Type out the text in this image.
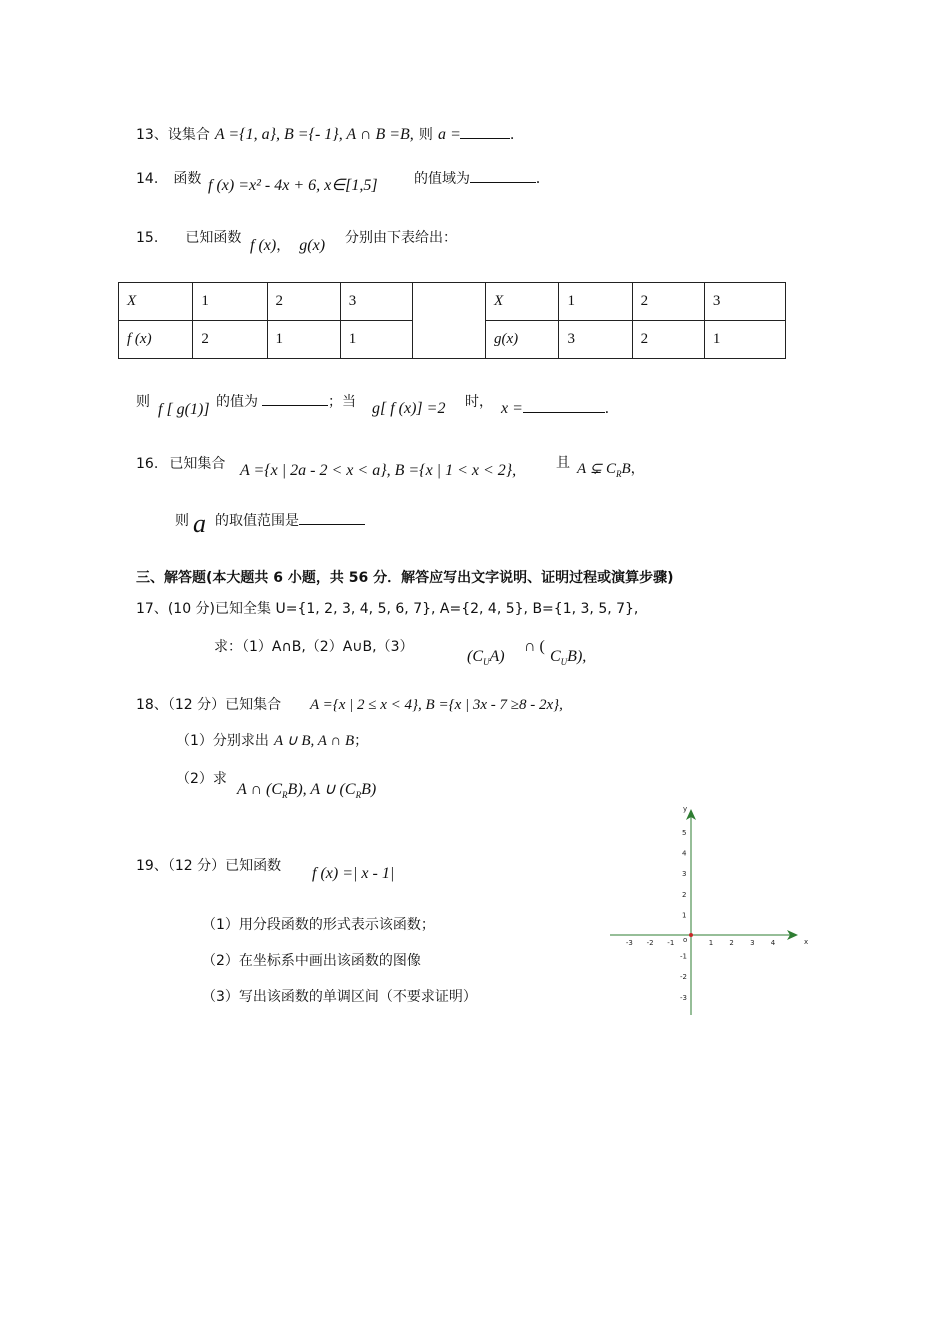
13、设集合 A ={1, a}, B ={- 1}, A ∩ B =B, 则 a =	.
14. 函数 f (x) =x² - 4x + 6, x∈[1,5]	的值域为	.
15. 已知函数 f (x)， g(x) 分别由下表给出：
X	1	2	3		X	1	2	3
f (x)	2	1	1		g(x)	3	2	1
则 f [ g(1)] 的值为	；当 g[ f (x)] =2 时， x =	.
16. 已知集合 A ={x | 2a - 2 < x < a}, B ={x | 1 < x < 2},	且 A ⊊ $C_RB$，
则 a 的取值范围是
三、解答题(本大题共 6 小题，共 56 分．解答应写出文字说明、证明过程或演算步骤)
17、(10 分)已知全集 U={1, 2, 3, 4, 5, 6, 7}, A={2, 4, 5}, B={1, 3, 5, 7},
求：（1）A∩B,（2）A∪B,（3）
$(C_UA)$
∩ (
$C_UB$),
18、（12 分）已知集合 A ={x | 2 ≤ x < 4}, B ={x | 3x - 7 ≥8 - 2x},
（1）分别求出 A ∪ B, A ∩ B；
（2）求
A ∩ $(C_RB)$, A ∪ $(C_RB)$
19、（12 分）已知函数 f (x) =| x - 1|
（1）用分段函数的形式表示该函数；
（2）在坐标系中画出该函数的图像
（3）写出该函数的单调区间（不要求证明）
x
y
o
-3 -2 -1	1 2 3 4
5
4
3
2
1
-1
-2
-3
